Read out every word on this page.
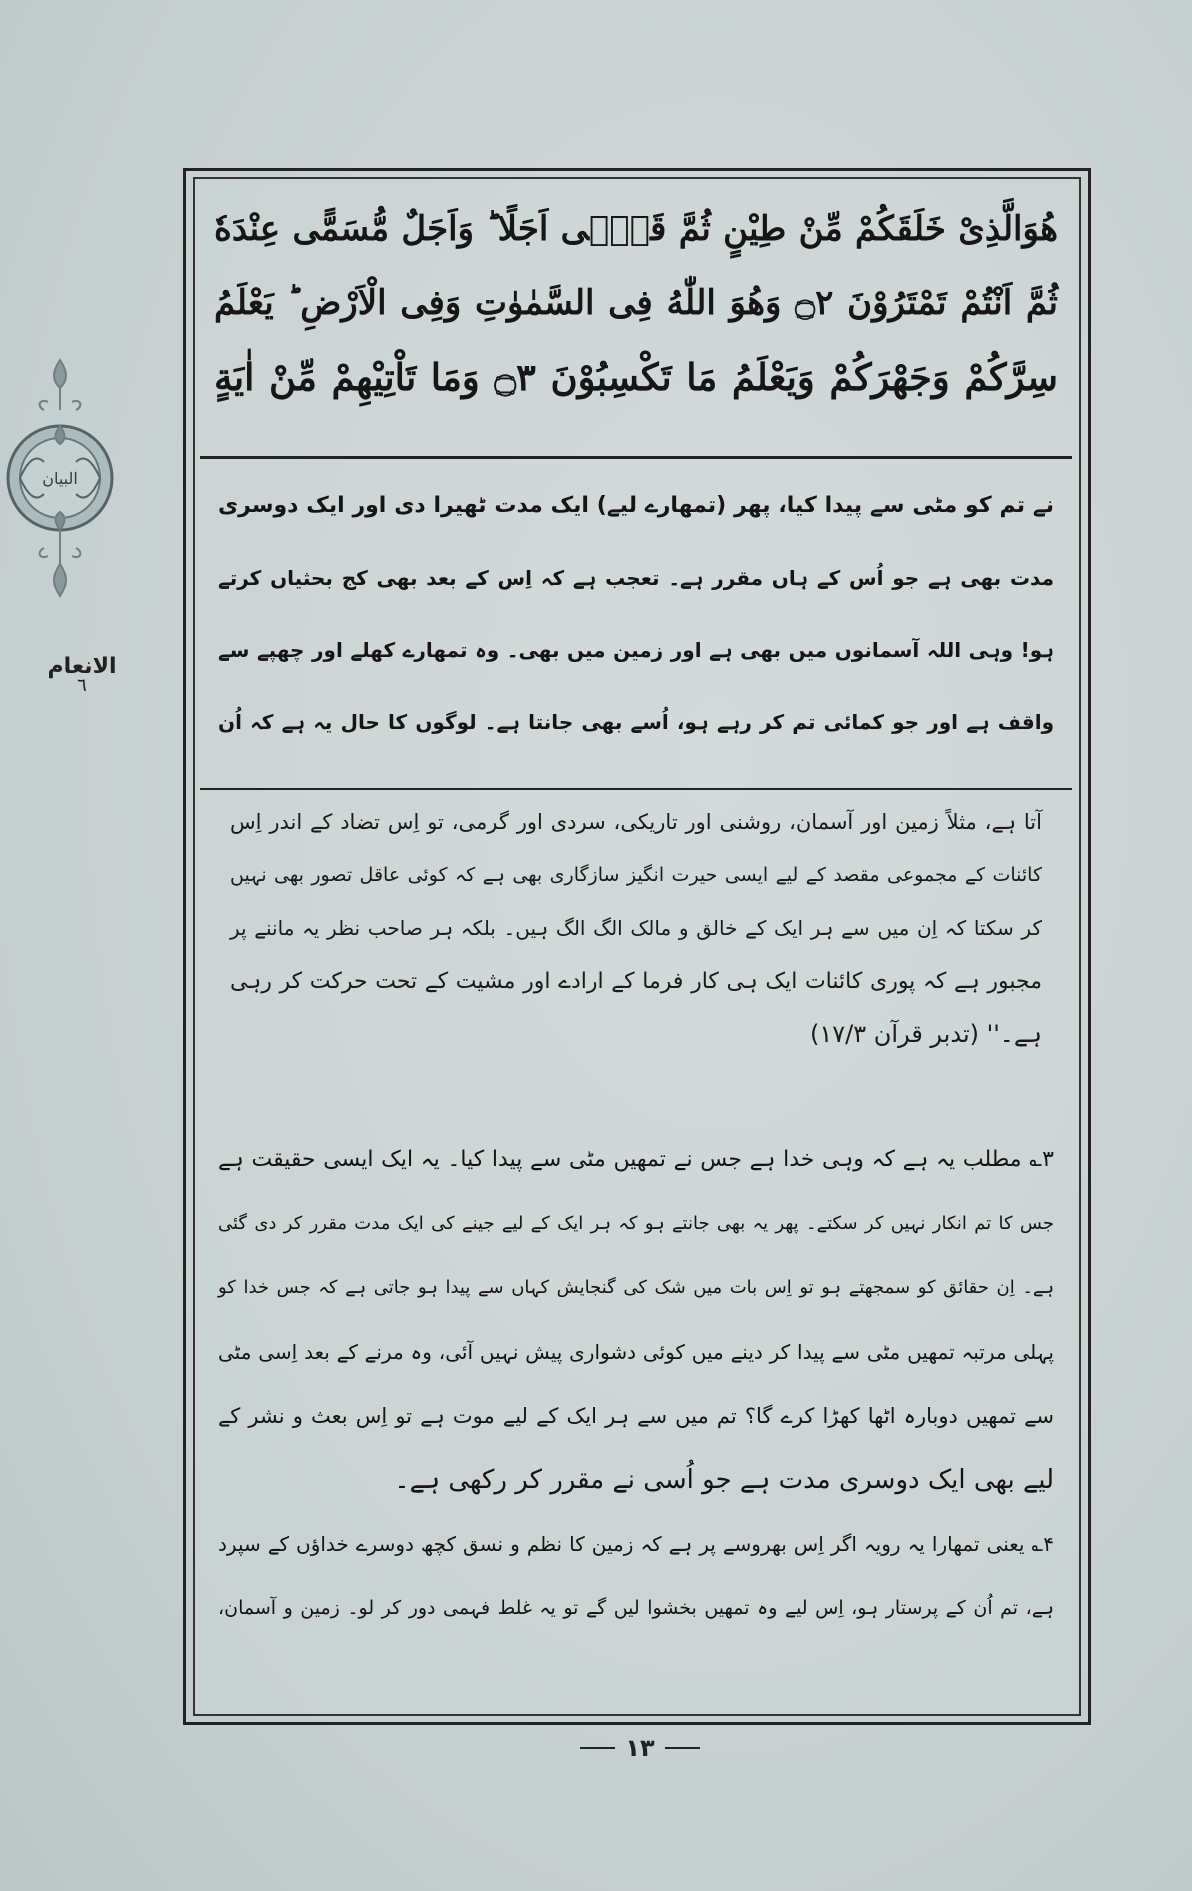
البیان
الانعام
٦
هُوَالَّذِیْ خَلَقَكُمْ مِّنْ طِیْنٍ ثُمَّ قَضٰۤی اَجَلًا ؕ وَاَجَلٌ مُّسَمًّی عِنْدَهٗ
ثُمَّ اَنْتُمْ تَمْتَرُوْنَ ۝٢ وَهُوَ اللّٰهُ فِی السَّمٰوٰتِ وَفِی الْاَرْضِ ؕ یَعْلَمُ
سِرَّكُمْ وَجَهْرَكُمْ وَیَعْلَمُ مَا تَكْسِبُوْنَ ۝٣ وَمَا تَاْتِیْهِمْ مِّنْ اٰیَةٍ
نے تم کو مٹی سے پیدا کیا، پھر (تمھارے لیے) ایک مدت ٹھیرا دی اور ایک دوسری
مدت بھی ہے جو اُس کے ہاں مقرر ہے۔ تعجب ہے کہ اِس کے بعد بھی کج بحثیاں کرتے
ہو! وہی اللہ آسمانوں میں بھی ہے اور زمین میں بھی۔ وہ تمھارے کھلے اور چھپے سے
واقف ہے اور جو کمائی تم کر رہے ہو، اُسے بھی جانتا ہے۔ لوگوں کا حال یہ ہے کہ اُن
آتا ہے، مثلاً زمین اور آسمان، روشنی اور تاریکی، سردی اور گرمی، تو اِس تضاد کے اندر اِس
کائنات کے مجموعی مقصد کے لیے ایسی حیرت انگیز سازگاری بھی ہے کہ کوئی عاقل تصور بھی نہیں
کر سکتا کہ اِن میں سے ہر ایک کے خالق و مالک الگ الگ ہیں۔ بلکہ ہر صاحب نظر یہ ماننے پر
مجبور ہے کہ پوری کائنات ایک ہی کار فرما کے ارادے اور مشیت کے تحت حرکت کر رہی
ہے۔'' (تدبر قرآن ۱۷/۳)
۳؎ مطلب یہ ہے کہ وہی خدا ہے جس نے تمھیں مٹی سے پیدا کیا۔ یہ ایک ایسی حقیقت ہے
جس کا تم انکار نہیں کر سکتے۔ پھر یہ بھی جانتے ہو کہ ہر ایک کے لیے جینے کی ایک مدت مقرر کر دی گئی
ہے۔ اِن حقائق کو سمجھتے ہو تو اِس بات میں شک کی گنجایش کہاں سے پیدا ہو جاتی ہے کہ جس خدا کو
پہلی مرتبہ تمھیں مٹی سے پیدا کر دینے میں کوئی دشواری پیش نہیں آئی، وہ مرنے کے بعد اِسی مٹی
سے تمھیں دوبارہ اٹھا کھڑا کرے گا؟ تم میں سے ہر ایک کے لیے موت ہے تو اِس بعث و نشر کے
لیے بھی ایک دوسری مدت ہے جو اُسی نے مقرر کر رکھی ہے۔
۴؎ یعنی تمھارا یہ رویہ اگر اِس بھروسے پر ہے کہ زمین کا نظم و نسق کچھ دوسرے خداؤں کے سپرد
ہے، تم اُن کے پرستار ہو، اِس لیے وہ تمھیں بخشوا لیں گے تو یہ غلط فہمی دور کر لو۔ زمین و آسمان،
۱۳
